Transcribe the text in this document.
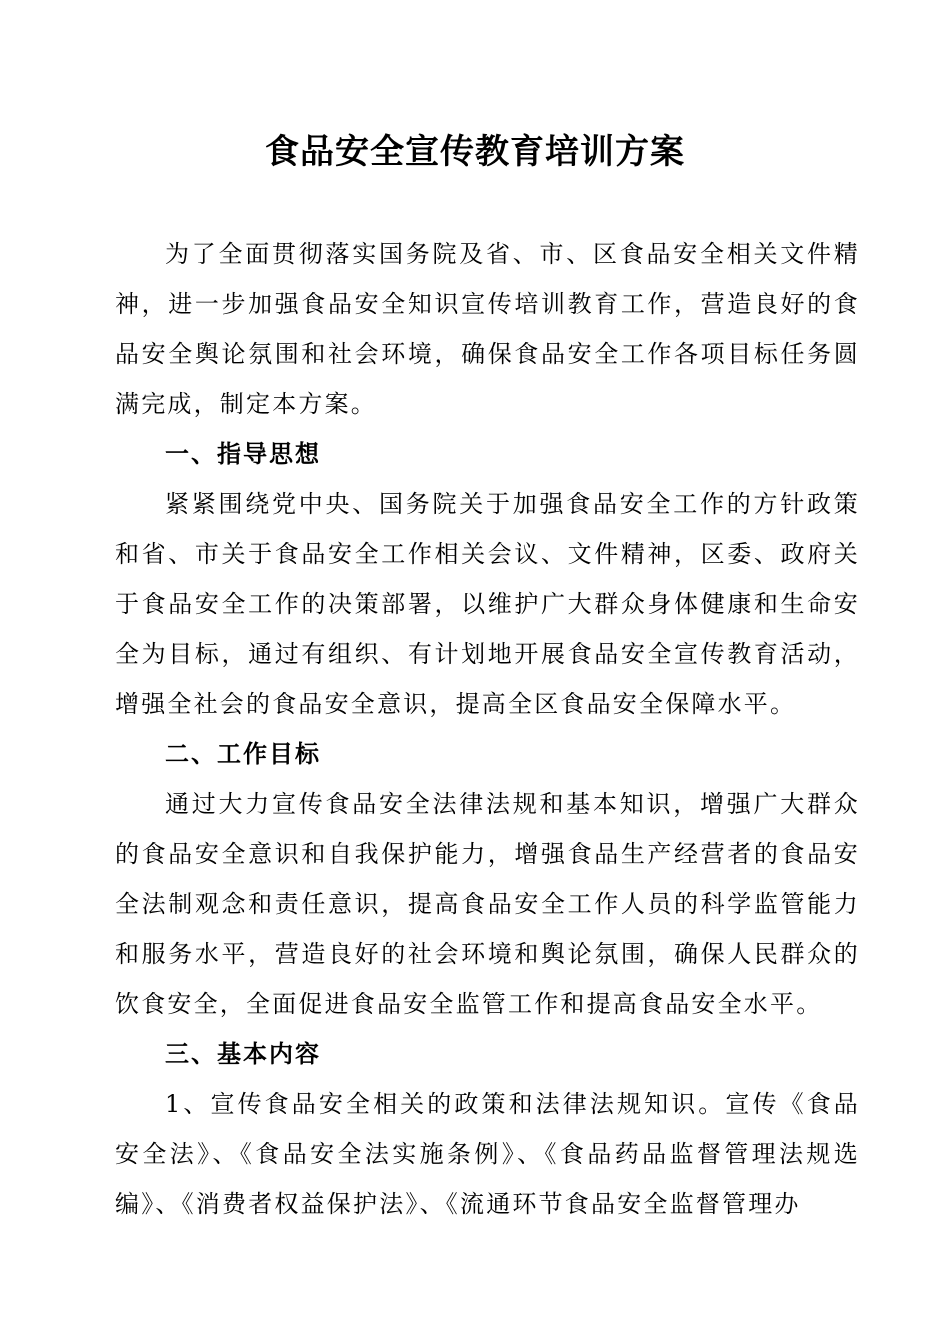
食品安全宣传教育培训方案

为了全面贯彻落实国务院及省、市、区食品安全相关文件精神，进一步加强食品安全知识宣传培训教育工作，营造良好的食品安全舆论氛围和社会环境，确保食品安全工作各项目标任务圆满完成，制定本方案。

一、指导思想

紧紧围绕党中央、国务院关于加强食品安全工作的方针政策和省、市关于食品安全工作相关会议、文件精神，区委、政府关于食品安全工作的决策部署，以维护广大群众身体健康和生命安全为目标，通过有组织、有计划地开展食品安全宣传教育活动，增强全社会的食品安全意识，提高全区食品安全保障水平。

二、工作目标

通过大力宣传食品安全法律法规和基本知识，增强广大群众的食品安全意识和自我保护能力，增强食品生产经营者的食品安全法制观念和责任意识，提高食品安全工作人员的科学监管能力和服务水平，营造良好的社会环境和舆论氛围，确保人民群众的饮食安全，全面促进食品安全监管工作和提高食品安全水平。

三、基本内容

1、宣传食品安全相关的政策和法律法规知识。宣传《食品安全法》、《食品安全法实施条例》、《食品药品监督管理法规选编》、《消费者权益保护法》、《流通环节食品安全监督管理办
